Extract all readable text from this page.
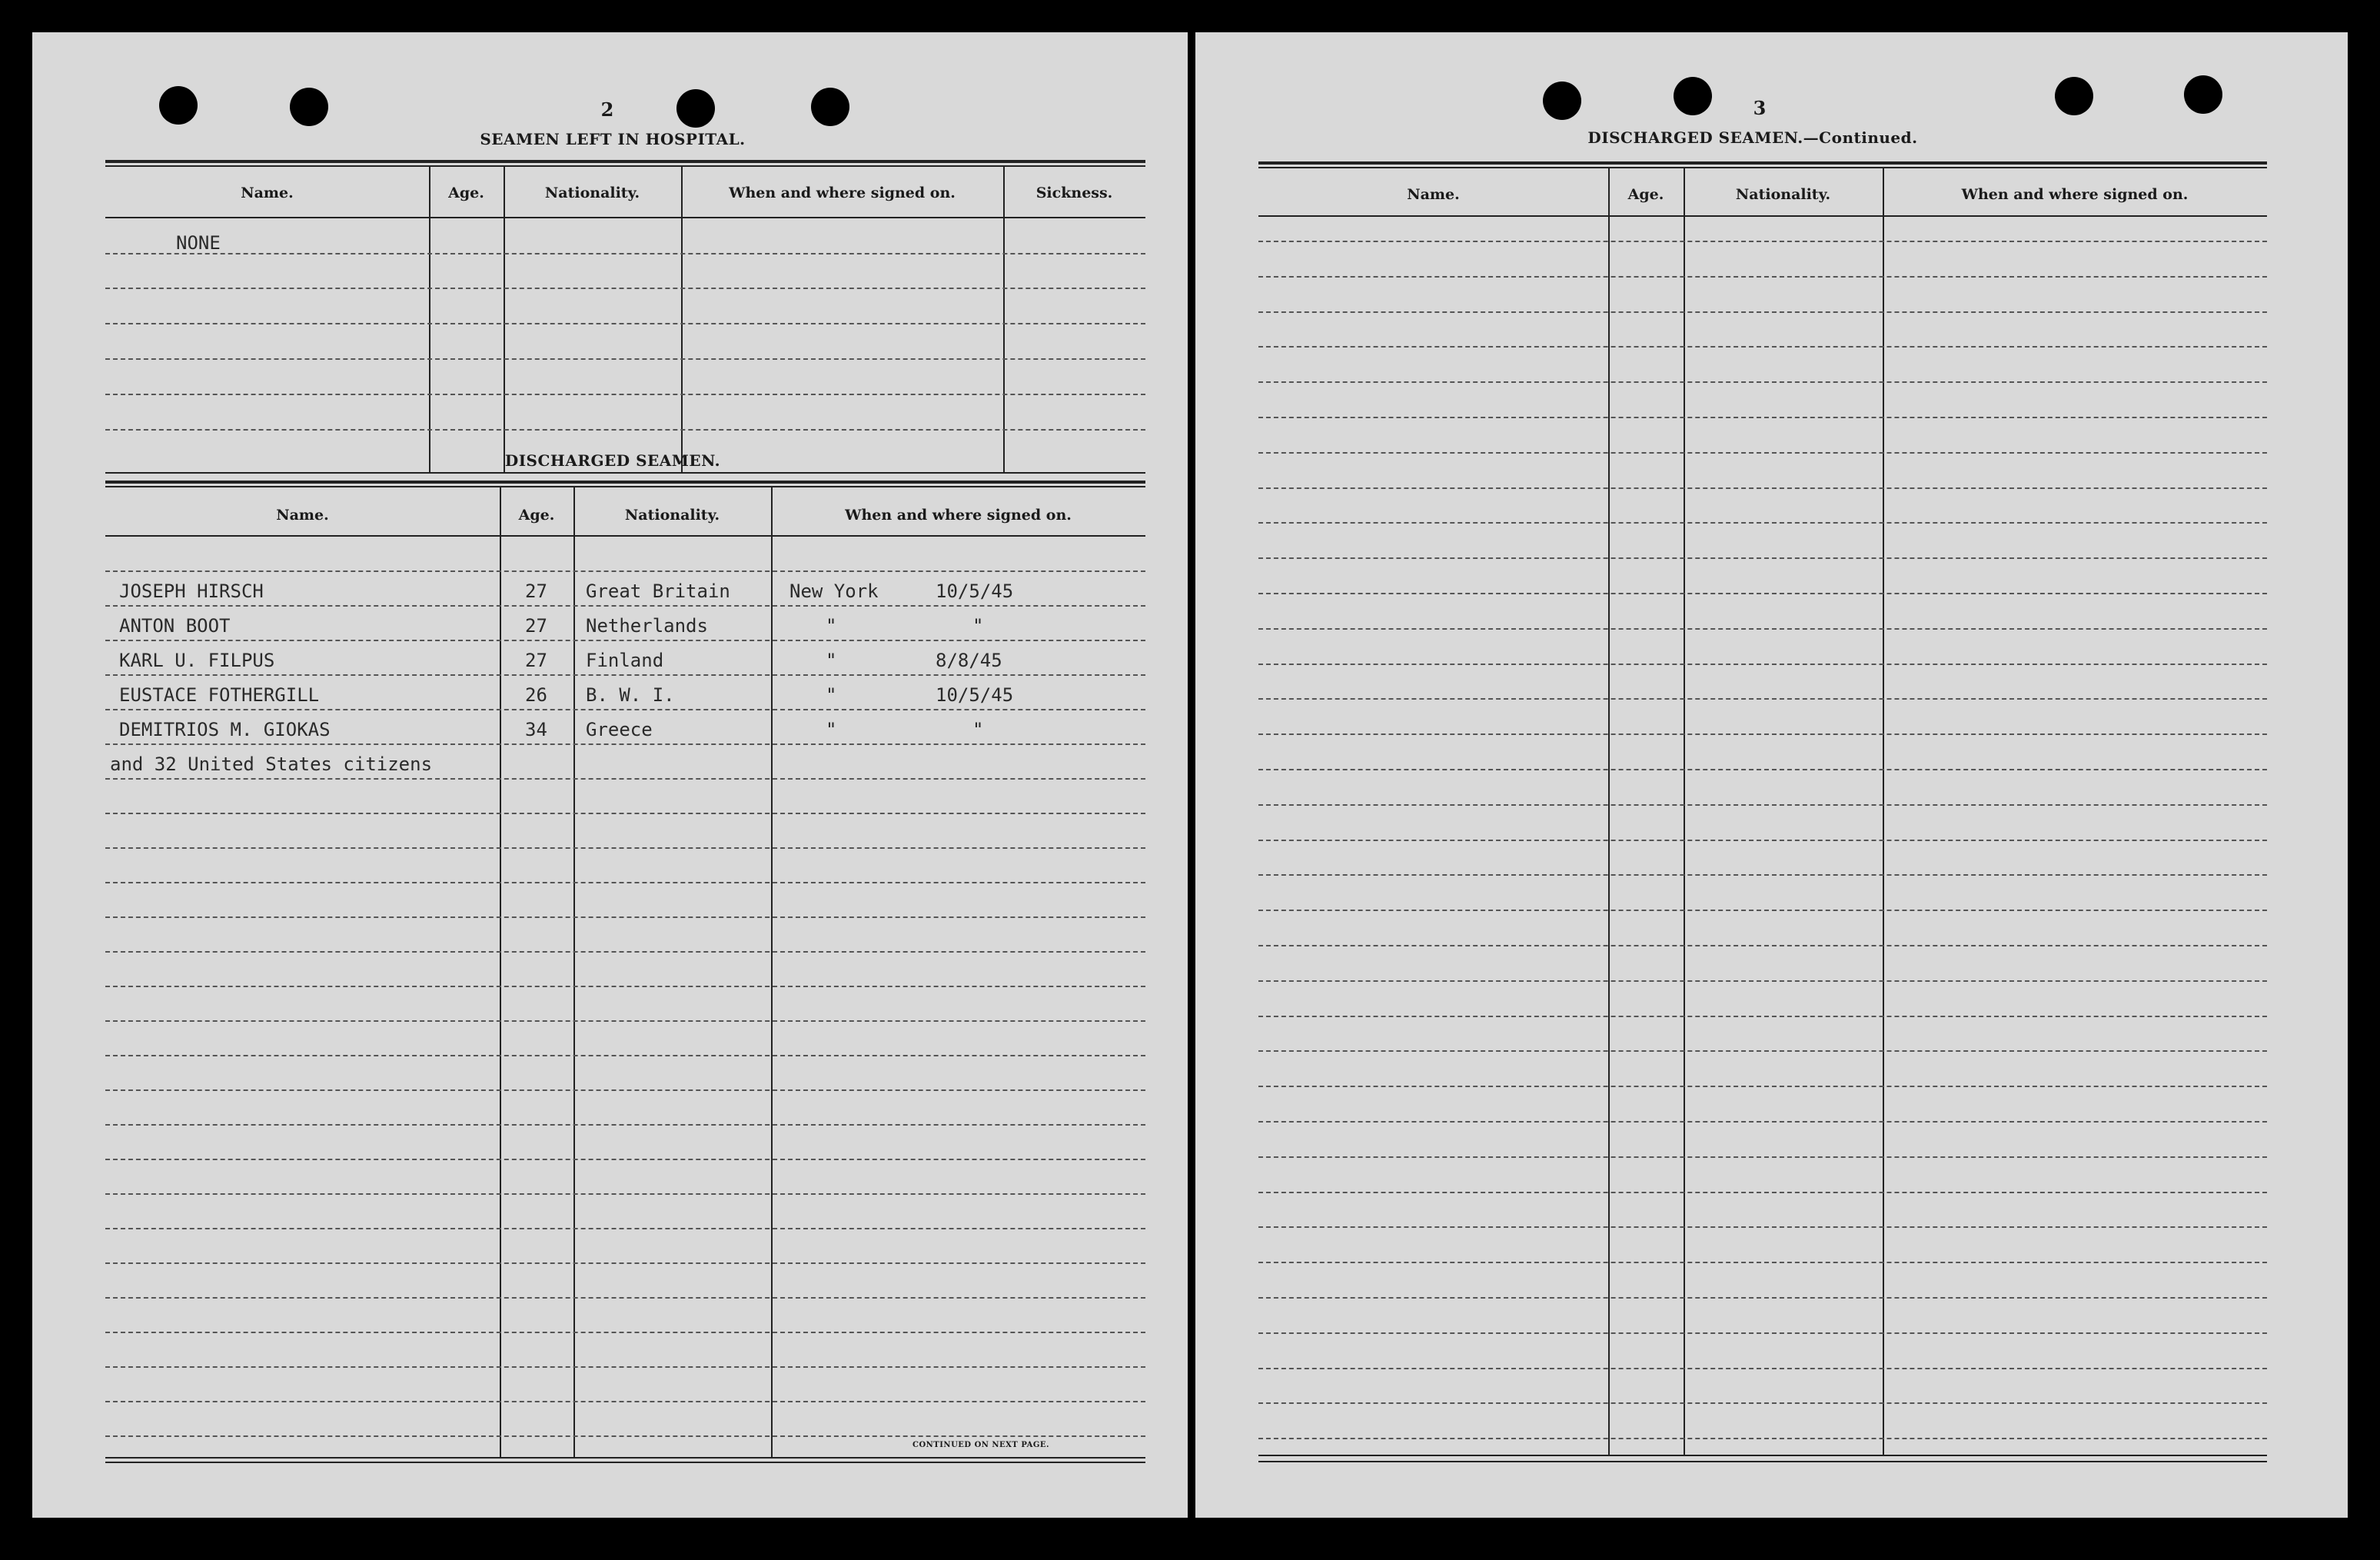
2
SEAMEN LEFT IN HOSPITAL.
Name.	Age.	Nationality.	When and where signed on.	Sickness.
NONE
DISCHARGED SEAMEN.
Name.	Age.	Nationality.	When and where signed on.
JOSEPH HIRSCH	27 Great Britain	New York	10/5/45
ANTON BOOT	27 Netherlands	"	"
KARL U. FILPUS	27 Finland	"	8/8/45
EUSTACE FOTHERGILL	26 B. W. I.	"	10/5/45
DEMITRIOS M. GIOKAS	34 Greece	"	"
and 32 United States citizens
CONTINUED ON NEXT PAGE.
3
DISCHARGED SEAMEN.—Continued.
Name.	Age.	Nationality.	When and where signed on.
